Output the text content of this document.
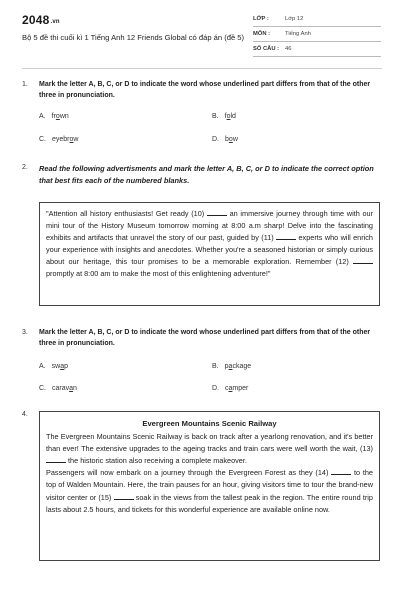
2048.vn
Bộ 5 đề thi cuối kì 1 Tiếng Anh 12 Friends Global có đáp án (đề 5)
LỚP :	Lớp 12
MÔN :	Tiếng Anh
SỐ CÂU : 46
1. Mark the letter A, B, C, or D to indicate the word whose underlined part differs from that of the other three in pronunciation.
A. frown	B. fold
C. eyebrow	D. bow
2. Read the following advertisments and mark the letter A, B, C, or D to indicate the correct option that best fits each of the numbered blanks.

"Attention all history enthusiasts! Get ready (10)	an immersive journey through time with our mini tour of the History Museum tomorrow morning at 8:00 a.m sharp! Delve into the fascinating exhibits and artifacts that unravel the story of our past, guided by (11)	experts who will enrich your experience with insights and anecdotes. Whether you're a seasoned historian or simply curious about our heritage, this tour promises to be a memorable exploration. Remember (12)  promptly at 8:00 am to make the most of this enlightening adventure!"

3. Mark the letter A, B, C, or D to indicate the word whose underlined part differs from that of the other three in pronunciation.
A. swap	B. package
C. caravan	D. camper
4.

Evergreen Mountains Scenic Railway

The Evergreen Mountains Scenic Railway is back on track after a yearlong renovation, and it's better than ever! The extensive upgrades to the ageing tracks and train cars were well worth the wait, (13)  the historic station also receiving a complete makeover.

Passengers will now embark on a journey through the Evergreen Forest as they (14)	to the top of Walden Mountain. Here, the train pauses for an hour, giving visitors time to tour the brand-new visitor center or (15)	soak in the views from the tallest peak in the region. The entire round trip lasts about 2.5 hours, and tickets for this wonderful experience are available online now.
